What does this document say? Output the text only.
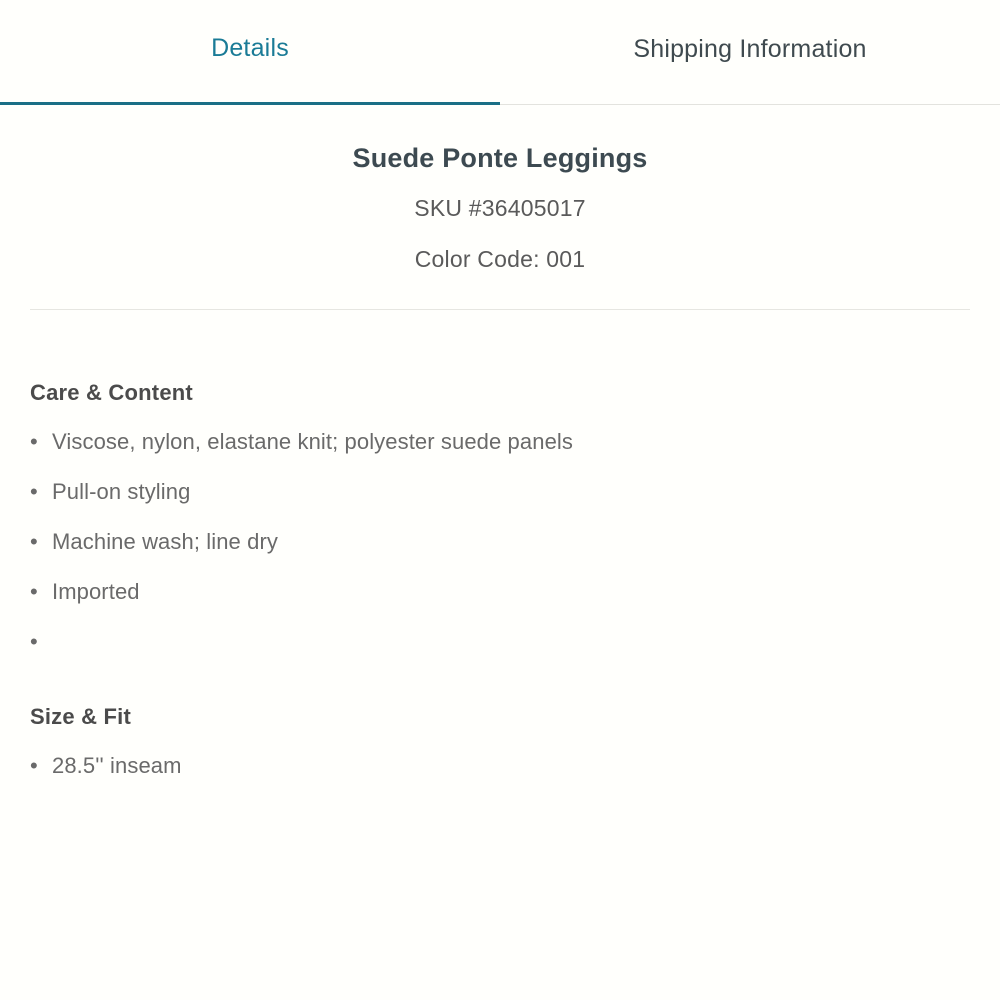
Details	Shipping Information
Suede Ponte Leggings
SKU #36405017
Color Code: 001
Care & Content
• Viscose, nylon, elastane knit; polyester suede panels
• Pull-on styling
• Machine wash; line dry
• Imported
•
Size & Fit
• 28.5'' inseam
